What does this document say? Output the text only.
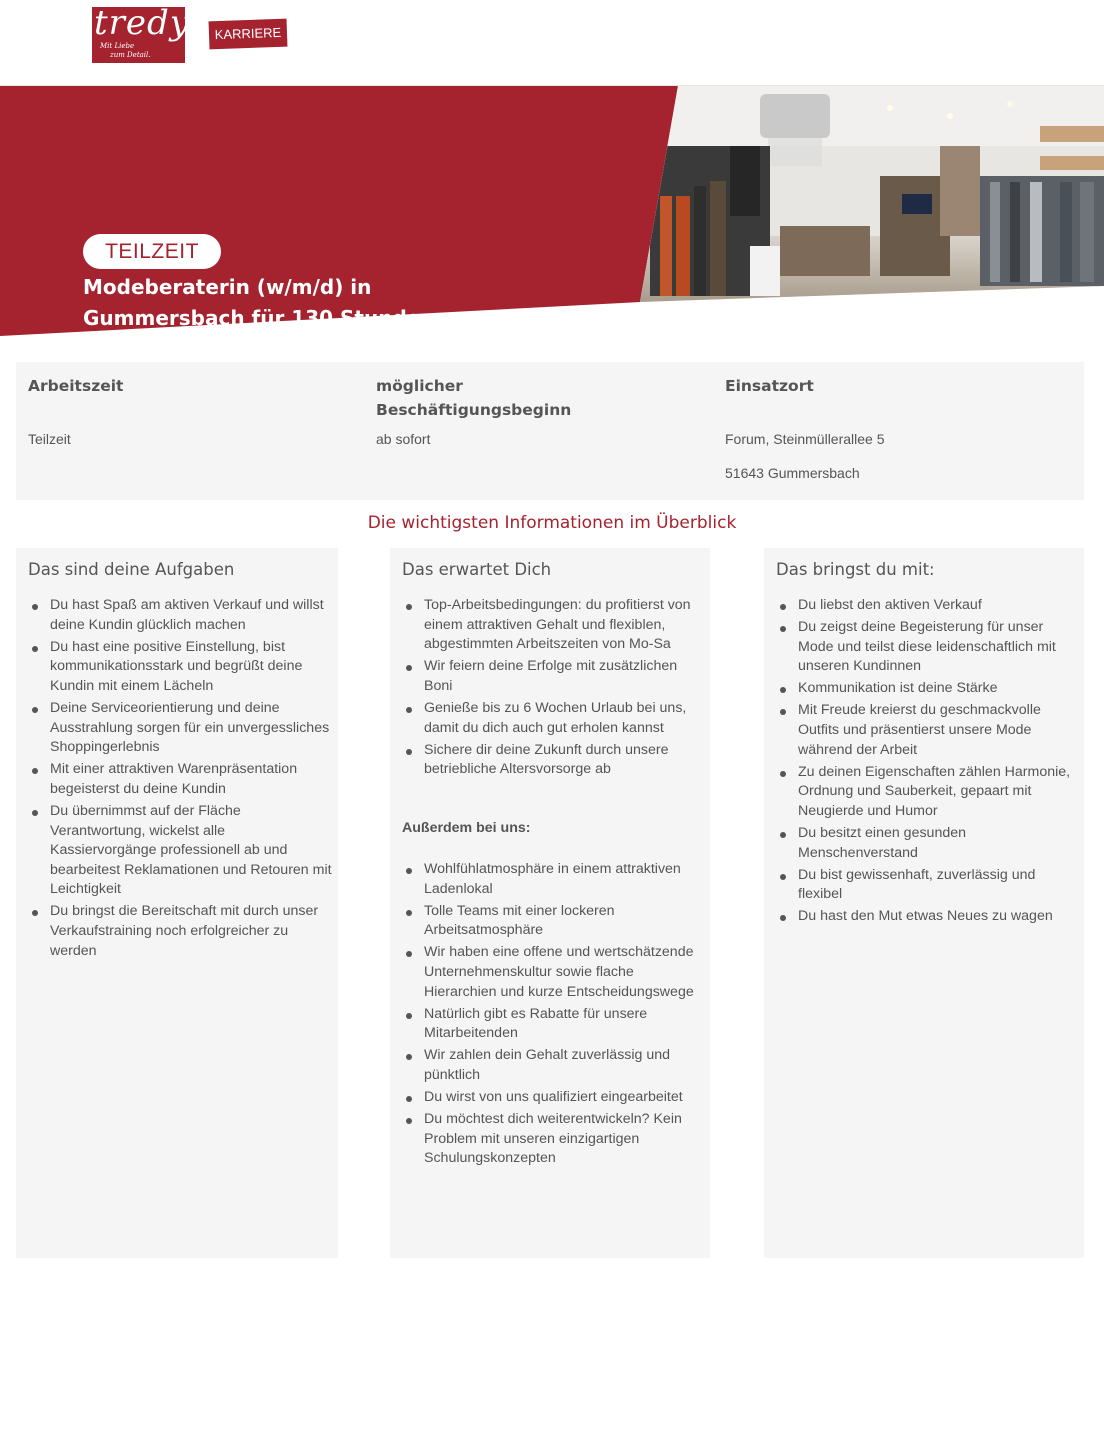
tredy
Mit Liebe
zum Detail.
KARRIERE
TEILZEIT
Modeberaterin (w/m/d) in Gummersbach für 130 Stunden monatlich
Arbeitszeit
Teilzeit
möglicher
Beschäftigungsbeginn
ab sofort
Einsatzort
Forum, Steinmüllerallee 5
51643 Gummersbach
Die wichtigsten Informationen im Überblick
Das sind deine Aufgaben
Du hast Spaß am aktiven Verkauf und willst deine Kundin glücklich machen
Du hast eine positive Einstellung, bist kommunikationsstark und begrüßt deine Kundin mit einem Lächeln
Deine Serviceorientierung und deine Ausstrahlung sorgen für ein unvergessliches Shoppingerlebnis
Mit einer attraktiven Warenpräsentation begeisterst du deine Kundin
Du übernimmst auf der Fläche Verantwortung, wickelst alle Kassiervorgänge professionell ab und bearbeitest Reklamationen und Retouren mit Leichtigkeit
Du bringst die Bereitschaft mit durch unser Verkaufstraining noch erfolgreicher zu werden
Das erwartet Dich
Top-Arbeitsbedingungen: du profitierst von einem attraktiven Gehalt und flexiblen, abgestimmten Arbeitszeiten von Mo-Sa
Wir feiern deine Erfolge mit zusätzlichen Boni
Genieße bis zu 6 Wochen Urlaub bei uns, damit du dich auch gut erholen kannst
Sichere dir deine Zukunft durch unsere betriebliche Altersvorsorge ab
Außerdem bei uns:
Wohlfühlatmosphäre in einem attraktiven Ladenlokal
Tolle Teams mit einer lockeren Arbeitsatmosphäre
Wir haben eine offene und wertschätzende Unternehmenskultur sowie flache Hierarchien und kurze Entscheidungswege
Natürlich gibt es Rabatte für unsere Mitarbeitenden
Wir zahlen dein Gehalt zuverlässig und pünktlich
Du wirst von uns qualifiziert eingearbeitet
Du möchtest dich weiterentwickeln? Kein Problem mit unseren einzigartigen Schulungskonzepten
Das bringst du mit:
Du liebst den aktiven Verkauf
Du zeigst deine Begeisterung für unser Mode und teilst diese leidenschaftlich mit unseren Kundinnen
Kommunikation ist deine Stärke
Mit Freude kreierst du geschmackvolle Outfits und präsentierst unsere Mode während der Arbeit
Zu deinen Eigenschaften zählen Harmonie, Ordnung und Sauberkeit, gepaart mit Neugierde und Humor
Du besitzt einen gesunden Menschenverstand
Du bist gewissenhaft, zuverlässig und flexibel
Du hast den Mut etwas Neues zu wagen
